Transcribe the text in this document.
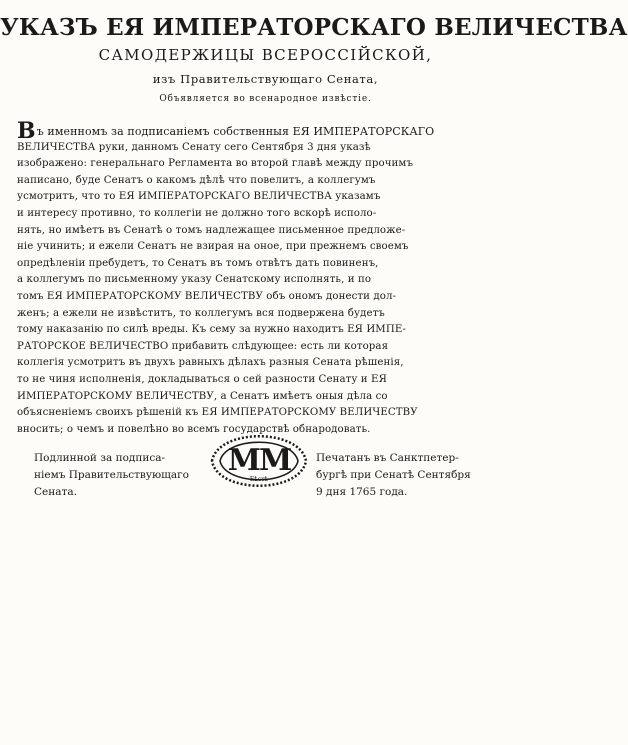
УКАЗЪ ЕЯ ИМПЕРАТОРСКАГО ВЕЛИЧЕСТВА
САМОДЕРЖИЦЫ ВСЕРОССІЙСКОЙ,
изъ Правительствующаго Сената,
Объявляется во всенародное извѣстіе.
Въ именномъ за подписаніемъ собственныя ЕЯ ИМПЕРАТОРСКАГО
ВЕЛИЧЕСТВА руки, данномъ Сенату сего Сентября 3 дня указѣ
изображено: генеральнаго Регламента во второй главѣ между прочимъ
написано, буде Сенатъ о какомъ дѣлѣ что повелитъ, а коллегумъ
усмотритъ, что то ЕЯ ИМПЕРАТОРСКАГО ВЕЛИЧЕСТВА указамъ
и интересу противно, то коллегіи не должно того вскорѣ исполо-
нять, но имѣетъ въ Сенатѣ о томъ надлежащее письменное предложе-
ніе учинить; и ежели Сенатъ не взирая на оное, при прежнемъ своемъ
опредѣленіи пребудетъ, то Сенатъ въ томъ отвѣтъ дать повиненъ,
а коллегумъ по письменному указу Сенатскому исполнять, и по
томъ ЕЯ ИМПЕРАТОРСКОМУ ВЕЛИЧЕСТВУ объ ономъ донести дол-
женъ; а ежели не извѣститъ, то коллегумъ вся подвержена будетъ
тому наказанію по силѣ вреды. Къ сему за нужно находитъ ЕЯ ИМПЕ-
РАТОРСКОЕ ВЕЛИЧЕСТВО прибавить слѣдующее: есть ли которая
коллегія усмотритъ въ двухъ равныхъ дѣлахъ разныя Сената рѣшенія,
то не чиня исполненія, докладываться о сей разности Сенату и ЕЯ
ИМПЕРАТОРСКОМУ ВЕЛИЧЕСТВУ, а Сенатъ имѣетъ оныя дѣла со
объясненіемъ своихъ рѣшеній къ ЕЯ ИМПЕРАТОРСКОМУ ВЕЛИЧЕСТВУ
вносить; о чемъ и повелѣно во всемъ государствѣ обнародовать.
Подлинной за подписа-
ніемъ Правительствующаго
Сената.
MM
Бѣстѣ
Печатанъ въ Санктпетер-
бургѣ при Сенатѣ Сентября
9 дня 1765 года.
